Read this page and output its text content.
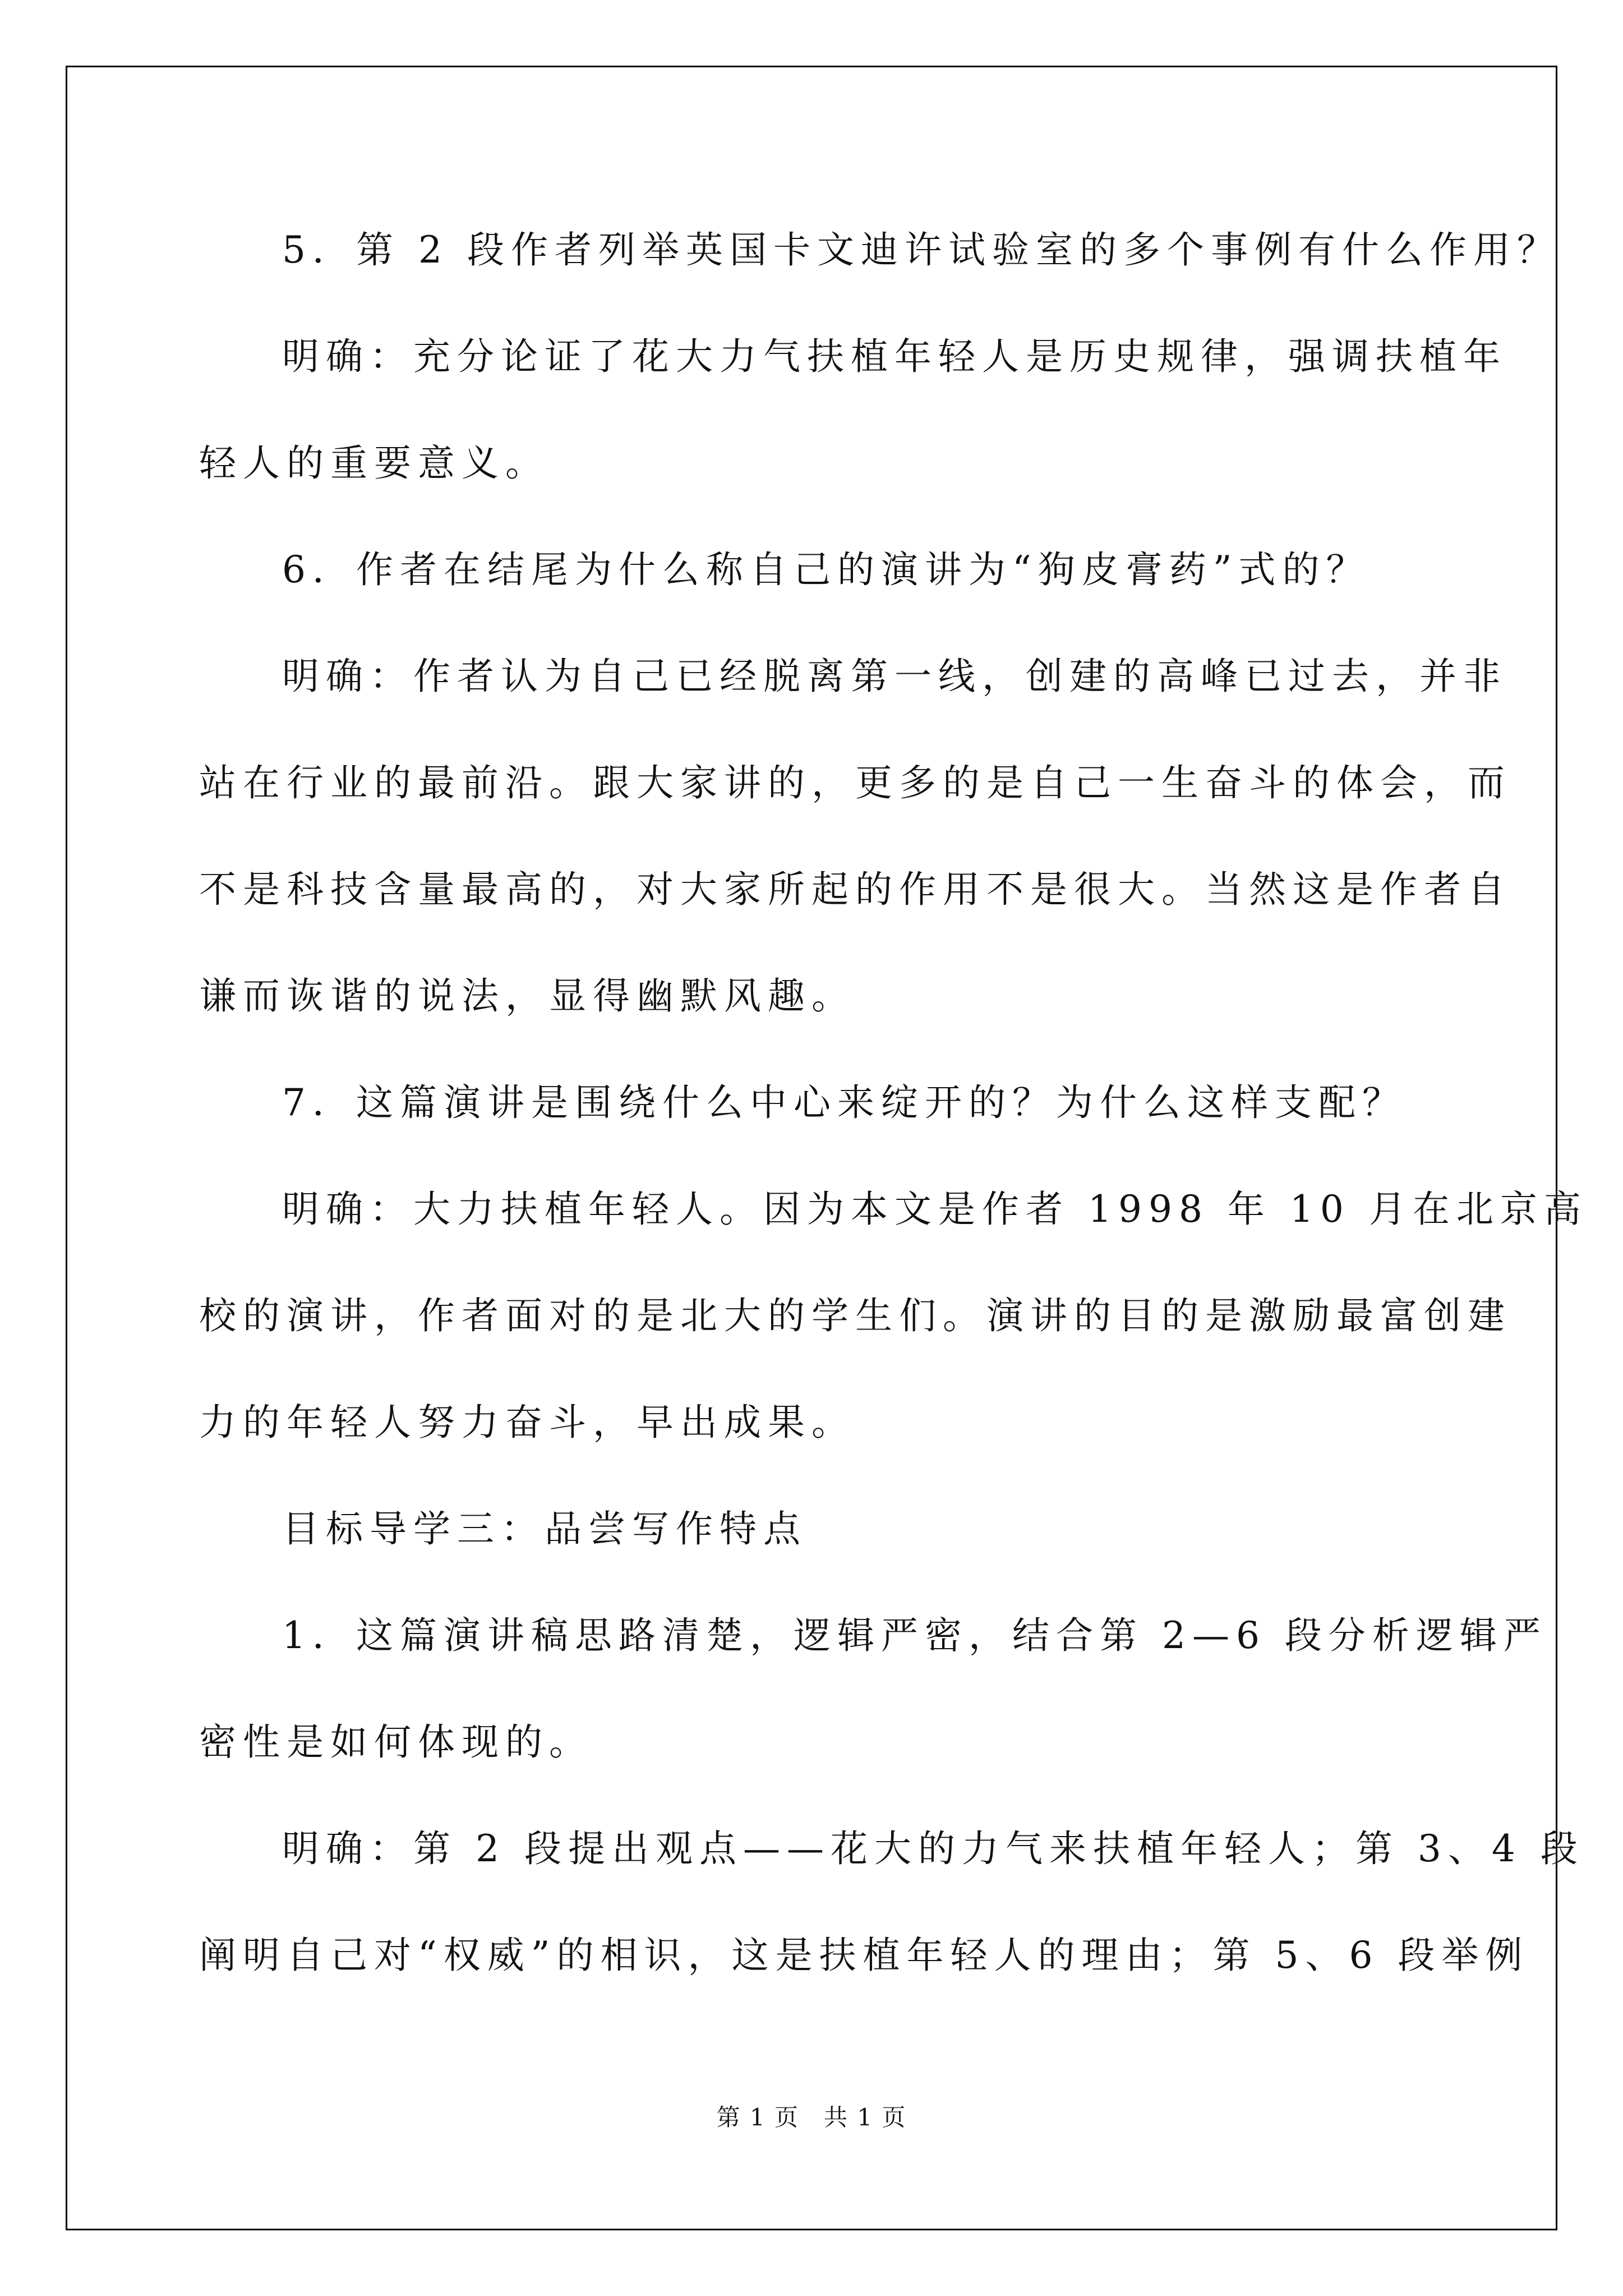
5．第 2 段作者列举英国卡文迪许试验室的多个事例有什么作用？
明确：充分论证了花大力气扶植年轻人是历史规律，强调扶植年
轻人的重要意义。
6．作者在结尾为什么称自己的演讲为“狗皮膏药”式的？
明确：作者认为自己已经脱离第一线，创建的高峰已过去，并非
站在行业的最前沿。跟大家讲的，更多的是自己一生奋斗的体会，而
不是科技含量最高的，对大家所起的作用不是很大。当然这是作者自
谦而诙谐的说法，显得幽默风趣。
7．这篇演讲是围绕什么中心来绽开的？为什么这样支配？
明确：大力扶植年轻人。因为本文是作者 1998 年 10 月在北京高
校的演讲，作者面对的是北大的学生们。演讲的目的是激励最富创建
力的年轻人努力奋斗，早出成果。
目标导学三：品尝写作特点
1．这篇演讲稿思路清楚，逻辑严密，结合第 2—6 段分析逻辑严
密性是如何体现的。
明确：第 2 段提出观点——花大的力气来扶植年轻人；第 3、4 段
阐明自己对“权威”的相识，这是扶植年轻人的理由；第 5、6 段举例
第 1 页　共 1 页
